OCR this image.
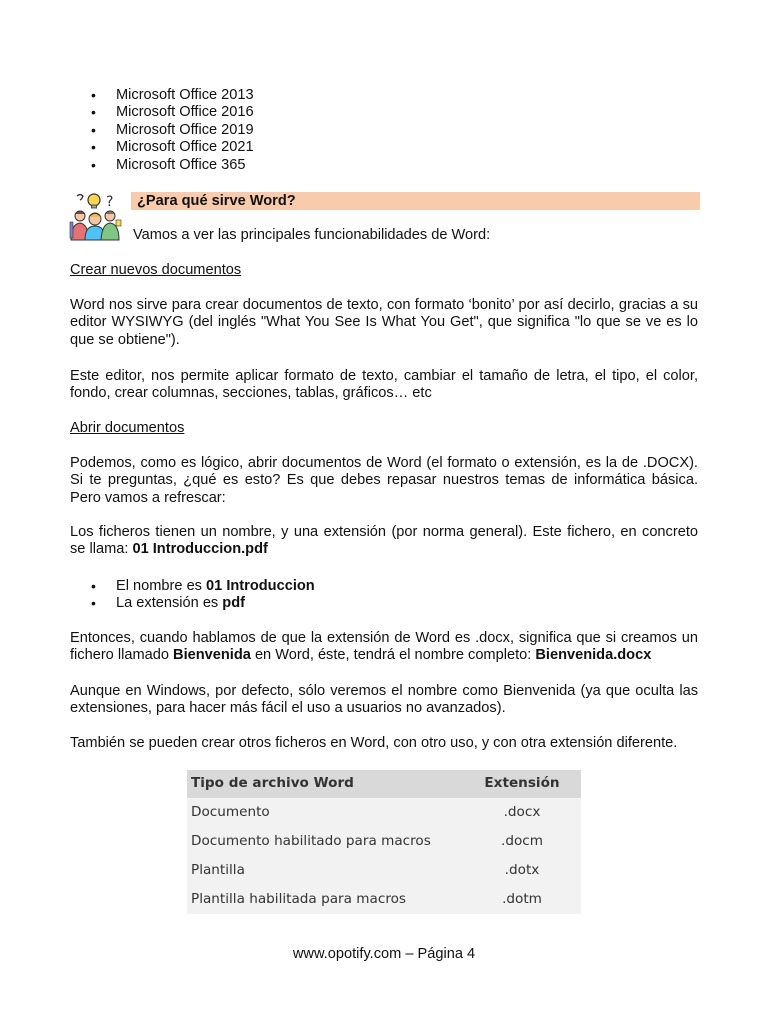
• Microsoft Office 2013
• Microsoft Office 2016
• Microsoft Office 2019
• Microsoft Office 2021
• Microsoft Office 365
?	¿Para qué sirve Word?

Vamos a ver las principales funcionabilidades de Word:

Crear nuevos documentos

Word nos sirve para crear documentos de texto, con formato ‘bonito’ por así decirlo, gracias a su editor WYSIWYG (del inglés "What You See Is What You Get", que significa "lo que se ve es lo que se obtiene").

Este editor, nos permite aplicar formato de texto, cambiar el tamaño de letra, el tipo, el color, fondo, crear columnas, secciones, tablas, gráficos… etc

Abrir documentos

Podemos, como es lógico, abrir documentos de Word (el formato o extensión, es la de .DOCX). Si te preguntas, ¿qué es esto? Es que debes repasar nuestros temas de informática básica. Pero vamos a refrescar:

Los ficheros tienen un nombre, y una extensión (por norma general). Este fichero, en concreto se llama: 01 Introduccion.pdf

• El nombre es 01 Introduccion
• La extensión es pdf

Entonces, cuando hablamos de que la extensión de Word es .docx, significa que si creamos un fichero llamado Bienvenida en Word, éste, tendrá el nombre completo: Bienvenida.docx

Aunque en Windows, por defecto, sólo veremos el nombre como Bienvenida (ya que oculta las extensiones, para hacer más fácil el uso a usuarios no avanzados).

También se pueden crear otros ficheros en Word, con otro uso, y con otra extensión diferente.

Tipo de archivo Word	Extensión
Documento	.docx
Documento habilitado para macros	.docm
Plantilla	.dotx
Plantilla habilitada para macros	.dotm
www.opotify.com – Página 4
